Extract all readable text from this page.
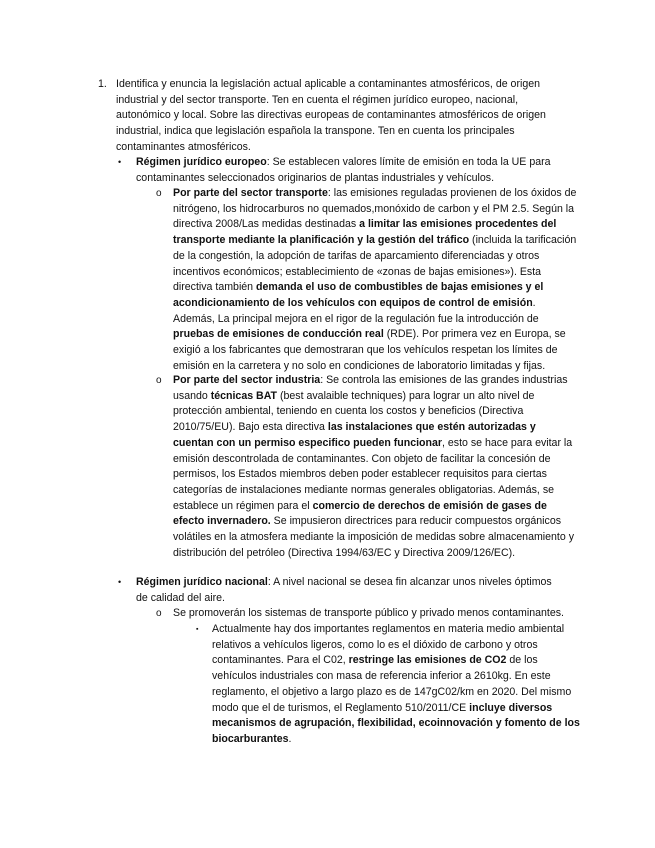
1. Identifica y enuncia la legislación actual aplicable a contaminantes atmosféricos, de origen industrial y del sector transporte. Ten en cuenta el régimen jurídico europeo, nacional, autonómico y local. Sobre las directivas europeas de contaminantes atmosféricos de origen industrial, indica que legislación española la transpone. Ten en cuenta los principales contaminantes atmosféricos.

• Régimen jurídico europeo: Se establecen valores límite de emisión en toda la UE para contaminantes seleccionados originarios de plantas industriales y vehículos.

o Por parte del sector transporte: las emisiones reguladas provienen de los óxidos de nitrógeno, los hidrocarburos no quemados,monóxido de carbon y el PM 2.5. Según la directiva 2008/Las medidas destinadas a limitar las emisiones procedentes del transporte mediante la planificación y la gestión del tráfico (incluida la tarificación de la congestión, la adopción de tarifas de aparcamiento diferenciadas y otros incentivos económicos; establecimiento de «zonas de bajas emisiones»). Esta directiva también demanda el uso de combustibles de bajas emisiones y el acondicionamiento de los vehículos con equipos de control de emisión. Además, La principal mejora en el rigor de la regulación fue la introducción de pruebas de emisiones de conducción real (RDE). Por primera vez en Europa, se exigió a los fabricantes que demostraran que los vehículos respetan los límites de emisión en la carretera y no solo en condiciones de laboratorio limitadas y fijas.

o Por parte del sector industria: Se controla las emisiones de las grandes industrias usando técnicas BAT (best avalaible techniques) para lograr un alto nivel de protección ambiental, teniendo en cuenta los costos y beneficios (Directiva 2010/75/EU). Bajo esta directiva las instalaciones que estén autorizadas y cuentan con un permiso especifico pueden funcionar, esto se hace para evitar la emisión descontrolada de contaminantes. Con objeto de facilitar la concesión de permisos, los Estados miembros deben poder establecer requisitos para ciertas categorías de instalaciones mediante normas generales obligatorias. Además, se establece un régimen para el comercio de derechos de emisión de gases de efecto invernadero. Se impusieron directrices para reducir compuestos orgánicos volátiles en la atmosfera mediante la imposición de medidas sobre almacenamiento y distribución del petróleo (Directiva 1994/63/EC y Directiva 2009/126/EC).

• Régimen jurídico nacional: A nivel nacional se desea fin alcanzar unos niveles óptimos de calidad del aire.

o Se promoverán los sistemas de transporte público y privado menos contaminantes.

▪ Actualmente hay dos importantes reglamentos en materia medio ambiental relativos a vehículos ligeros, como lo es el dióxido de carbono y otros contaminantes. Para el C02, restringe las emisiones de CO2 de los vehículos industriales con masa de referencia inferior a 2610kg. En este reglamento, el objetivo a largo plazo es de 147gC02/km en 2020. Del mismo modo que el de turismos, el Reglamento 510/2011/CE incluye diversos mecanismos de agrupación, flexibilidad, ecoinnovación y fomento de los biocarburantes.
